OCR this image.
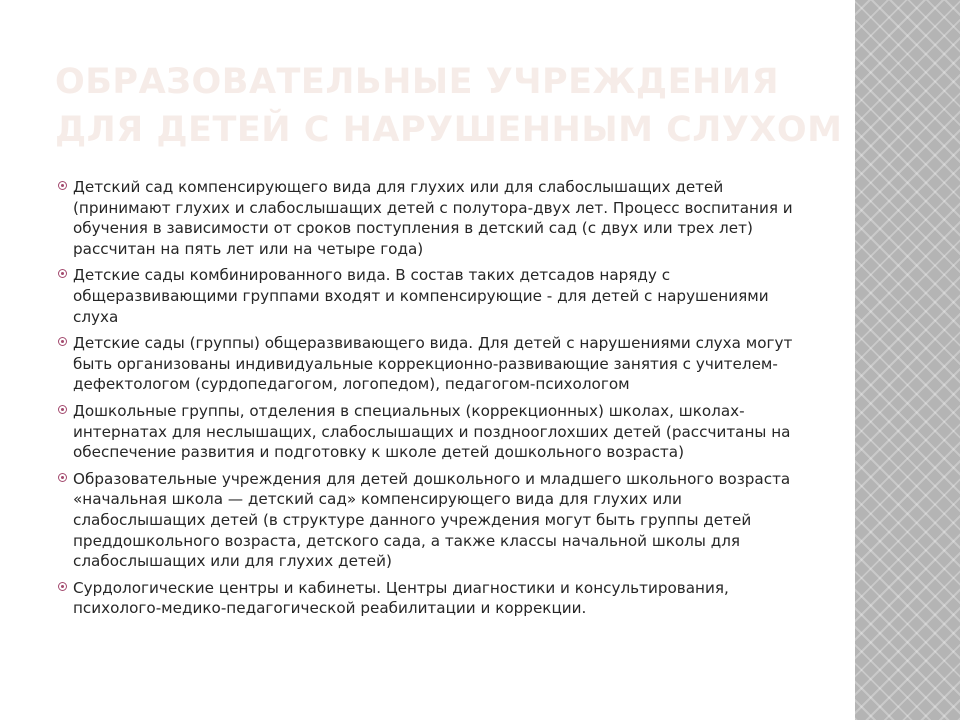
ОБРАЗОВАТЕЛЬНЫЕ УЧРЕЖДЕНИЯ ДЛЯ ДЕТЕЙ С НАРУШЕННЫМ СЛУХОМ
Детский сад компенсирующего вида для глухих или для слабослышащих детей (принимают глухих и слабослышащих детей с полутора-двух лет. Процесс воспитания и обучения в зависимости от сроков поступления в детский сад (с двух или трех лет) рассчитан на пять лет или на четыре года)
Детские сады комбинированного вида. В состав таких детсадов наряду с общеразвивающими группами входят и компенсирующие - для детей с нарушениями слуха
Детские сады (группы) общеразвивающего вида. Для детей с нарушениями слуха могут быть организованы индивидуальные коррекционно-развивающие занятия с учителем-дефектологом (сурдопедагогом, логопедом), педагогом-психологом
Дошкольные группы, отделения в специальных (коррекционных) школах, школах-интернатах для неслышащих, слабослышащих и позднооглохших детей (рассчитаны на обеспечение развития и подготовку к школе детей дошкольного возраста)
Образовательные учреждения для детей дошкольного и младшего школьного возраста «начальная школа — детский сад» компенсирующего вида для глухих или слабослышащих детей (в структуре данного учреждения могут быть группы детей преддошкольного возраста, детского сада, а также классы начальной школы для слабослышащих или для глухих детей)
Сурдологические центры и кабинеты. Центры диагностики и консультирования, психолого-медико-педагогической реабилитации и коррекции.
